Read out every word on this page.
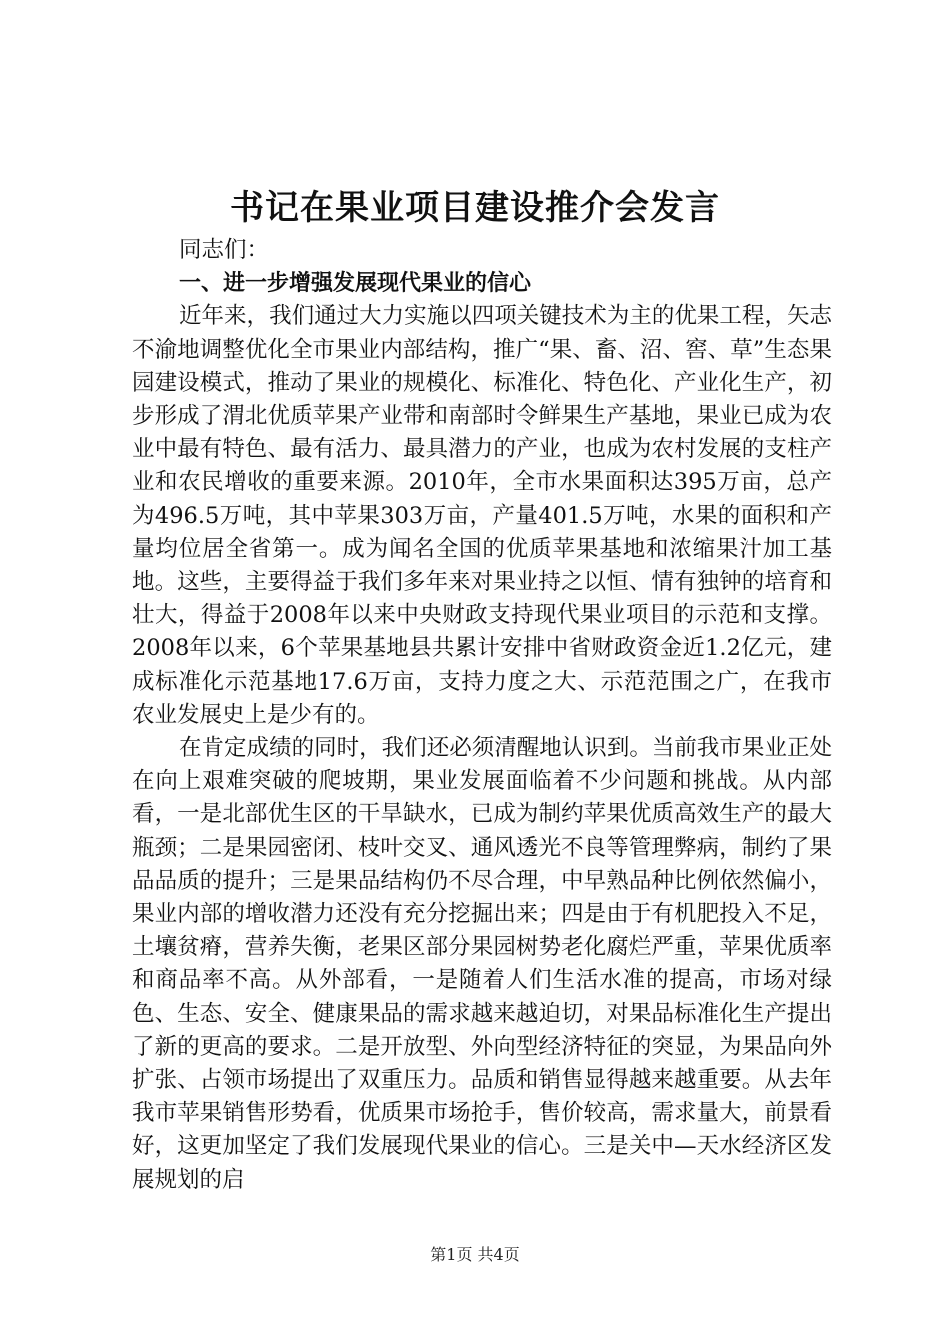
书记在果业项目建设推介会发言

同志们：

一、进一步增强发展现代果业的信心

近年来，我们通过大力实施以四项关键技术为主的优果工程，矢志不渝地调整优化全市果业内部结构，推广“果、畜、沼、窖、草”生态果园建设模式，推动了果业的规模化、标准化、特色化、产业化生产，初步形成了渭北优质苹果产业带和南部时令鲜果生产基地，果业已成为农业中最有特色、最有活力、最具潜力的产业，也成为农村发展的支柱产业和农民增收的重要来源。2010年，全市水果面积达395万亩，总产为496.5万吨，其中苹果303万亩，产量401.5万吨，水果的面积和产量均位居全省第一。成为闻名全国的优质苹果基地和浓缩果汁加工基地。这些，主要得益于我们多年来对果业持之以恒、情有独钟的培育和壮大，得益于2008年以来中央财政支持现代果业项目的示范和支撑。2008年以来，6个苹果基地县共累计安排中省财政资金近1.2亿元，建成标准化示范基地17.6万亩，支持力度之大、示范范围之广，在我市农业发展史上是少有的。

在肯定成绩的同时，我们还必须清醒地认识到。当前我市果业正处在向上艰难突破的爬坡期，果业发展面临着不少问题和挑战。从内部看，一是北部优生区的干旱缺水，已成为制约苹果优质高效生产的最大瓶颈；二是果园密闭、枝叶交叉、通风透光不良等管理弊病，制约了果品品质的提升；三是果品结构仍不尽合理，中早熟品种比例依然偏小，果业内部的增收潜力还没有充分挖掘出来；四是由于有机肥投入不足，土壤贫瘠，营养失衡，老果区部分果园树势老化腐烂严重，苹果优质率和商品率不高。从外部看，一是随着人们生活水准的提高，市场对绿色、生态、安全、健康果品的需求越来越迫切，对果品标准化生产提出了新的更高的要求。二是开放型、外向型经济特征的突显，为果品向外扩张、占领市场提出了双重压力。品质和销售显得越来越重要。从去年我市苹果销售形势看，优质果市场抢手，售价较高，需求量大，前景看好，这更加坚定了我们发展现代果业的信心。三是关中—天水经济区发展规划的启

第1页 共4页
